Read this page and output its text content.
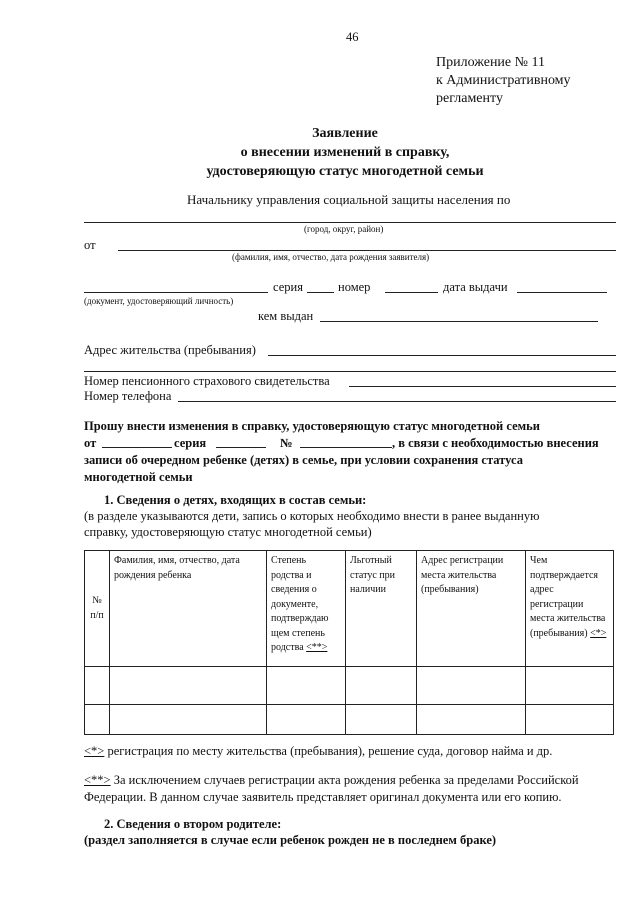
46
Приложение № 11
к Административному
регламенту
Заявление
о внесении изменений в справку,
удостоверяющую статус многодетной семьи
Начальнику управления социальной защиты населения по
(город, округ, район)
от
(фамилия, имя, отчество, дата рождения заявителя)
серия	номер	дата выдачи
(документ, удостоверяющий личность)
кем выдан
Адрес жительства (пребывания)
Номер пенсионного страхового свидетельства
Номер телефона
Прошу внести изменения в справку, удостоверяющую статус многодетной семьи
от	серия	№	, в связи с необходимостью внесения
записи об очередном ребенке (детях) в семье, при условии сохранения статуса
многодетной семьи
1. Сведения о детях, входящих в состав семьи:
(в разделе указываются дети, запись о которых необходимо внести в ранее выданную
справку, удостоверяющую статус многодетной семьи)
№ п/п	Фамилия, имя, отчество, дата рождения ребенка	Степень родства и сведения о документе, подтверждаю щем степень родства <**>	Льготный статус при наличии	Адрес регистрации места жительства (пребывания)	Чем подтверждается адрес регистрации места жительства (пребывания) <*>

<*> регистрация по месту жительства (пребывания), решение суда, договор найма и др.
<**> За исключением случаев регистрации акта рождения ребенка за пределами Российской
Федерации. В данном случае заявитель представляет оригинал документа или его копию.
2. Сведения о втором родителе:
(раздел заполняется в случае если ребенок рожден не в последнем браке)
